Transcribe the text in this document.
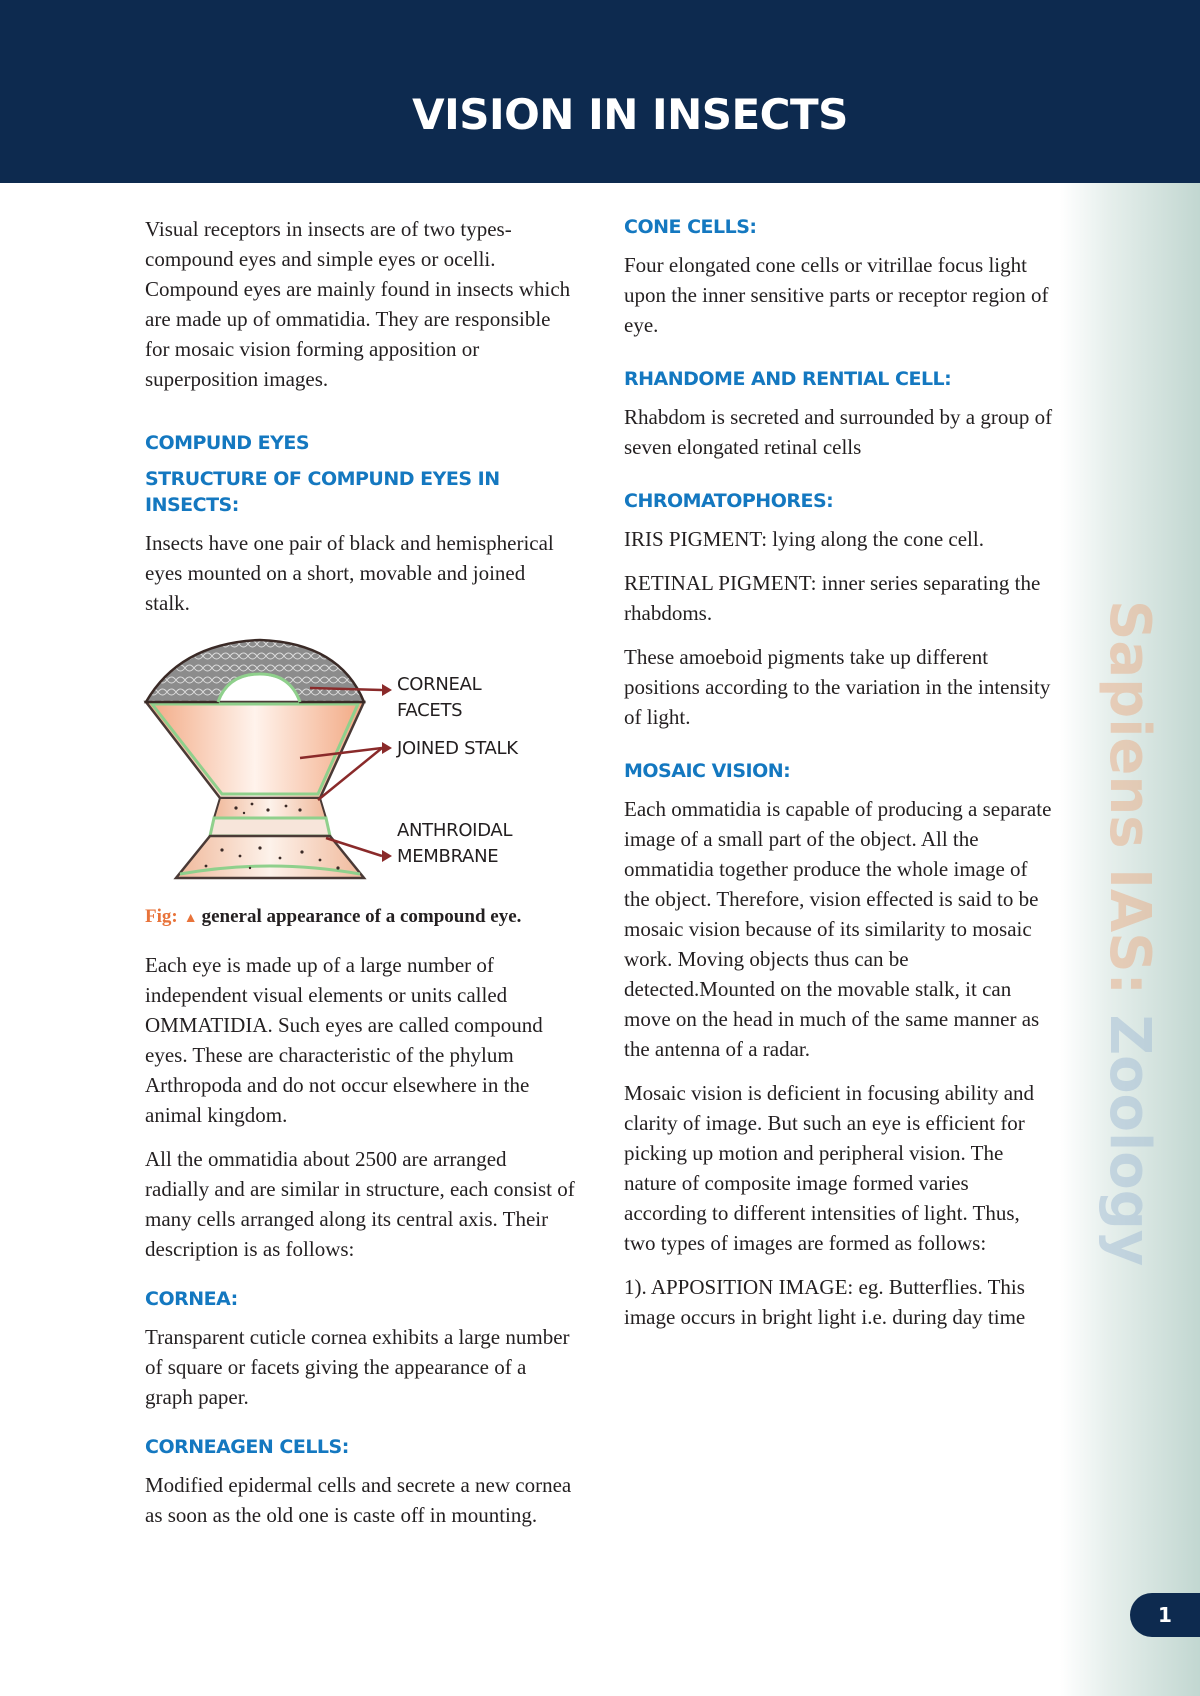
VISION IN INSECTS
Sapiens IAS: Zoology
1

Visual receptors in insects are of two types- compound eyes and simple eyes or ocelli. Compound eyes are mainly found in insects which are made up of ommatidia. They are responsible for mosaic vision forming apposition or superposition images.

COMPUND EYES
STRUCTURE OF COMPUND EYES IN INSECTS:

Insects have one pair of black and hemispherical eyes mounted on a short, movable and joined stalk.

CORNEAL
FACETS
JOINED STALK
ANTHROIDAL
MEMBRANE

Fig: ▲ general appearance of a compound eye.

Each eye is made up of a large number of independent visual elements or units called OMMATIDIA. Such eyes are called compound eyes. These are characteristic of the phylum Arthropoda and do not occur elsewhere in the animal kingdom.

All the ommatidia about 2500 are arranged radially and are similar in structure, each consist of many cells arranged along its central axis. Their description is as follows:

CORNEA:

Transparent cuticle cornea exhibits a large number of square or facets giving the appearance of a graph paper.

CORNEAGEN CELLS:

Modified epidermal cells and secrete a new cornea as soon as the old one is caste off in mounting.

CONE CELLS:

Four elongated cone cells or vitrillae focus light upon the inner sensitive parts or receptor region of eye.

RHANDOME AND RENTIAL CELL:

Rhabdom is secreted and surrounded by a group of seven elongated retinal cells

CHROMATOPHORES:

IRIS PIGMENT: lying along the cone cell.

RETINAL PIGMENT: inner series separating the rhabdoms.

These amoeboid pigments take up different positions according to the variation in the intensity of light.

MOSAIC VISION:

Each ommatidia is capable of producing a separate image of a small part of the object. All the ommatidia together produce the whole image of the object. Therefore, vision effected is said to be mosaic vision because of its similarity to mosaic work. Moving objects thus can be detected.Mounted on the movable stalk, it can move on the head in much of the same manner as the antenna of a radar.

Mosaic vision is deficient in focusing ability and clarity of image. But such an eye is efficient for picking up motion and peripheral vision. The nature of composite image formed varies according to different intensities of light. Thus, two types of images are formed as follows:

1). APPOSITION IMAGE: eg. Butterflies. This image occurs in bright light i.e. during day time
